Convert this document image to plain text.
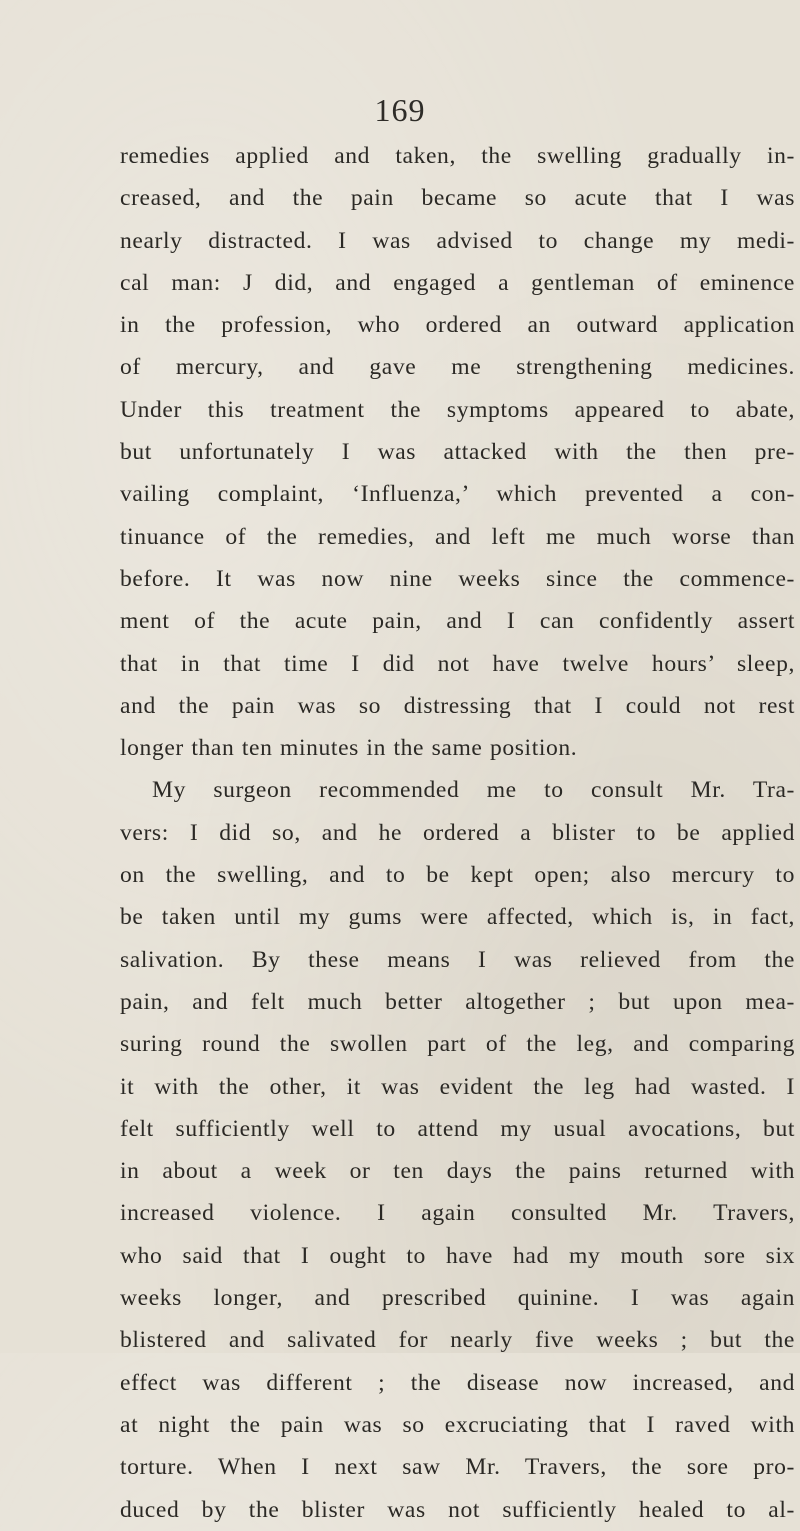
169
remedies applied and taken, the swelling gradually in-
creased, and the pain became so acute that I was
nearly distracted. I was advised to change my medi-
cal man: J did, and engaged a gentleman of eminence
in the profession, who ordered an outward application
of mercury, and gave me strengthening medicines.
Under this treatment the symptoms appeared to abate,
but unfortunately I was attacked with the then pre-
vailing complaint, ‘Influenza,’ which prevented a con-
tinuance of the remedies, and left me much worse than
before. It was now nine weeks since the commence-
ment of the acute pain, and I can confidently assert
that in that time I did not have twelve hours’ sleep,
and the pain was so distressing that I could not rest
longer than ten minutes in the same position.
My surgeon recommended me to consult Mr. Tra-
vers: I did so, and he ordered a blister to be applied
on the swelling, and to be kept open; also mercury to
be taken until my gums were affected, which is, in fact,
salivation. By these means I was relieved from the
pain, and felt much better altogether ; but upon mea-
suring round the swollen part of the leg, and comparing
it with the other, it was evident the leg had wasted. I
felt sufficiently well to attend my usual avocations, but
in about a week or ten days the pains returned with
increased violence. I again consulted Mr. Travers,
who said that I ought to have had my mouth sore six
weeks longer, and prescribed quinine. I was again
blistered and salivated for nearly five weeks ; but the
effect was different ; the disease now increased, and
at night the pain was so excruciating that I raved with
torture. When I next saw Mr. Travers, the sore pro-
duced by the blister was not sufficiently healed to al-
